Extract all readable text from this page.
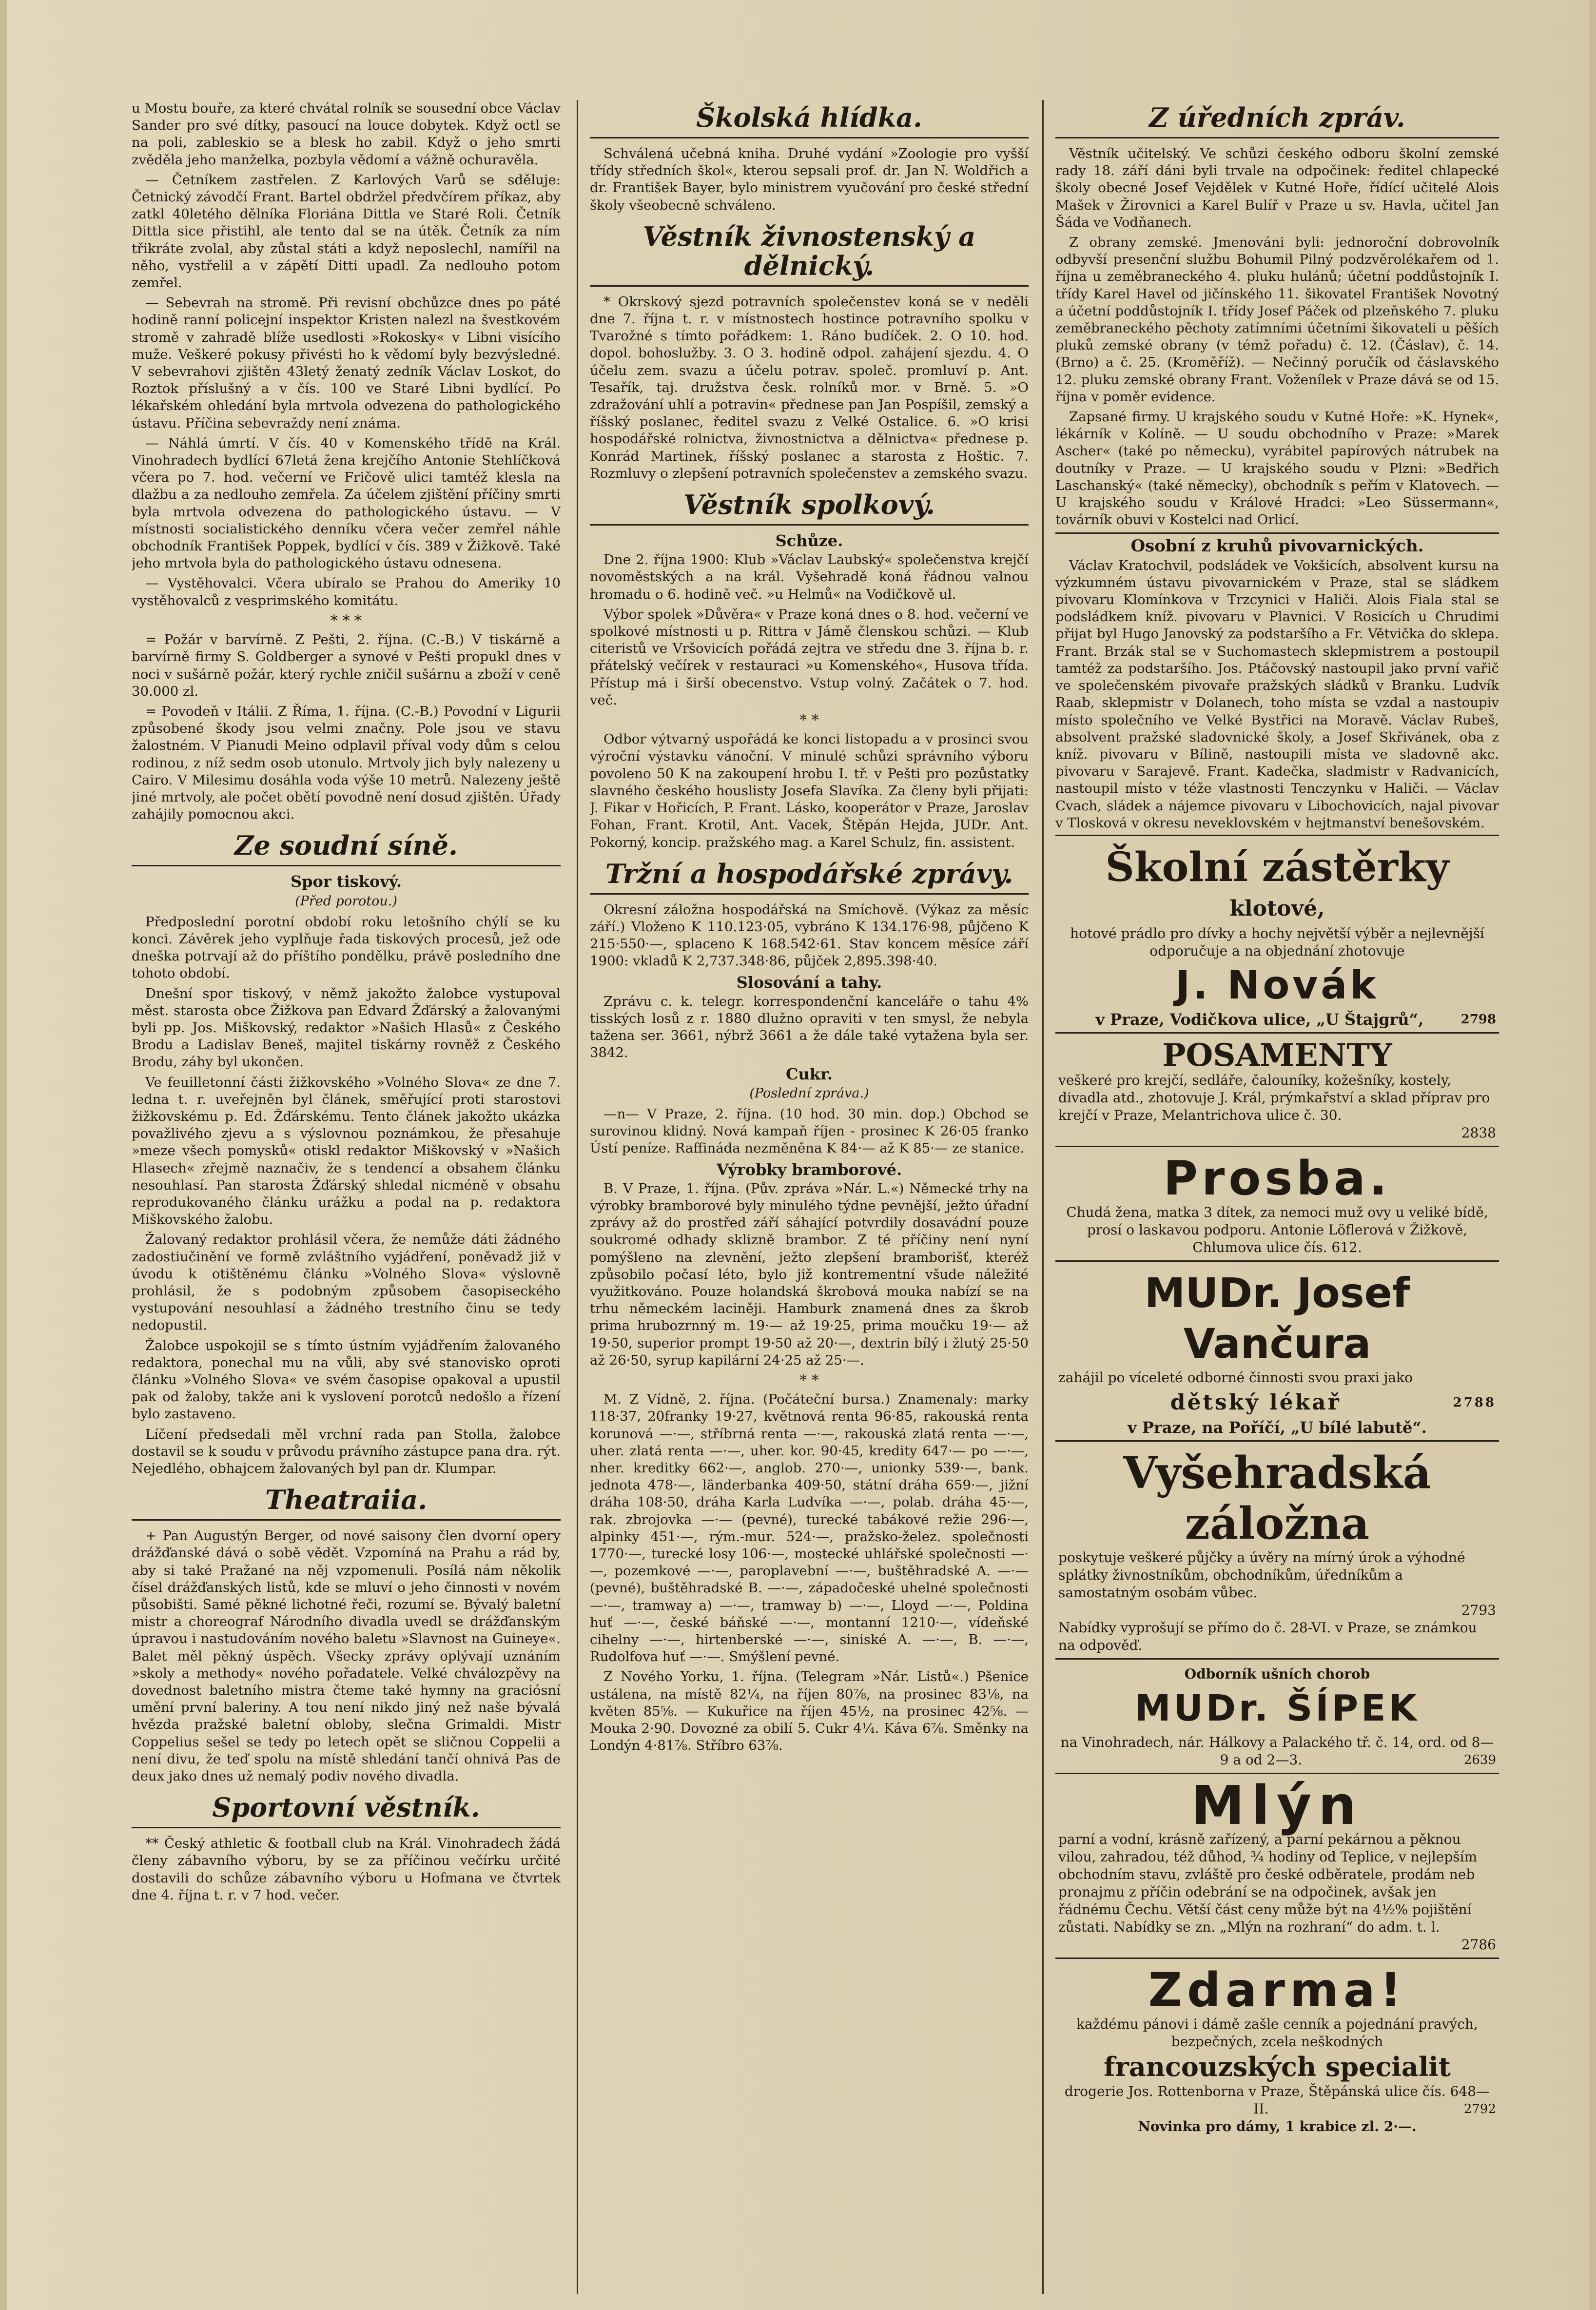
u Mostu bouře, za které chvátal rolník se sousední obce Václav Sander pro své dítky, pasoucí na louce dobytek. Když octl se na poli, zableskio se a blesk ho zabil. Když o jeho smrti zvěděla jeho manželka, pozbyla vědomí a vážně ochuravěla.

— Četníkem zastřelen. Z Karlových Varů se sděluje: Četnický závodčí Frant. Bartel obdržel předvčírem příkaz, aby zatkl 40letého dělníka Floriána Dittla ve Staré Roli. Četník Dittla sice přistihl, ale tento dal se na útěk. Četník za ním třikráte zvolal, aby zůstal státi a když neposlechl, namířil na něho, vystřelil a v zápětí Ditti upadl. Za nedlouho potom zemřel.

— Sebevrah na stromě. Při revisní obchůzce dnes po páté hodině ranní policejní inspektor Kristen nalezl na švestkovém stromě v zahradě blíže usedlosti »Rokosky« v Libni visícího muže. Veškeré pokusy přivésti ho k vědomí byly bezvýsledné. V sebevrahovi zjištěn 43letý ženatý zedník Václav Loskot, do Roztok příslušný a v čís. 100 ve Staré Libni bydlící. Po lékařském ohledání byla mrtvola odvezena do pathologického ústavu. Příčina sebevraždy není známa.

— Náhlá úmrtí. V čís. 40 v Komenského třídě na Král. Vinohradech bydlící 67letá žena krejčího Antonie Stehlíčková včera po 7. hod. večerní ve Fričově ulici tamtéž klesla na dlažbu a za nedlouho zemřela. Za účelem zjištění příčiny smrti byla mrtvola odvezena do pathologického ústavu. — V místnosti socialistického denníku včera večer zemřel náhle obchodník František Poppek, bydlící v čís. 389 v Žižkově. Také jeho mrtvola byla do pathologického ústavu odnesena.

— Vystěhovalci. Včera ubíralo se Prahou do Ameriky 10 vystěhovalců z vesprimského komitátu.

* * *

= Požár v barvírně. Z Pešti, 2. října. (C.-B.) V tiskárně a barvírně firmy S. Goldberger a synové v Pešti propukl dnes v noci v sušárně požár, který rychle zničil sušárnu a zboží v ceně 30.000 zl.

= Povodeň v Itálii. Z Říma, 1. října. (C.-B.) Povodní v Ligurii způsobené škody jsou velmi značny. Pole jsou ve stavu žalostném. V Pianudi Meino odplavil příval vody dům s celou rodinou, z níž sedm osob utonulo. Mrtvoly jich byly nalezeny u Cairo. V Milesimu dosáhla voda výše 10 metrů. Nalezeny ještě jiné mrtvoly, ale počet obětí povodně není dosud zjištěn. Úřady zahájily pomocnou akci.

Ze soudní síně.
Spor tiskový.
(Před porotou.)

Předposlední porotní období roku letošního chýlí se ku konci. Závěrek jeho vyplňuje řada tiskových procesů, jež ode dneška potrvají až do příštího pondělku, právě posledního dne tohoto období.

Dnešní spor tiskový, v němž jakožto žalobce vystupoval měst. starosta obce Žižkova pan Edvard Žďárský a žalovanými byli pp. Jos. Miškovský, redaktor »Našich Hlasů« z Českého Brodu a Ladislav Beneš, majitel tiskárny rovněž z Českého Brodu, záhy byl ukončen.

Ve feuilletonní části žižkovského »Volného Slova« ze dne 7. ledna t. r. uveřejněn byl článek, směřující proti starostovi žižkovskému p. Ed. Žďárskému. Tento článek jakožto ukázka považlivého zjevu a s výslovnou poznámkou, že přesahuje »meze všech pomysků« otiskl redaktor Miškovský v »Našich Hlasech« zřejmě naznačiv, že s tendencí a obsahem článku nesouhlasí. Pan starosta Žďárský shledal nicméně v obsahu reprodukovaného článku urážku a podal na p. redaktora Miškovského žalobu.

Žalovaný redaktor prohlásil včera, že nemůže dáti žádného zadostiučinění ve formě zvláštního vyjádření, poněvadž již v úvodu k otištěnému článku »Volného Slova« výslovně prohlásil, že s podobným způsobem časopiseckého vystupování nesouhlasí a žádného trestního činu se tedy nedopustil.

Žalobce uspokojil se s tímto ústním vyjádřením žalovaného redaktora, ponechal mu na vůli, aby své stanovisko oproti článku »Volného Slova« ve svém časopise opakoval a upustil pak od žaloby, takže ani k vyslovení porotců nedošlo a řízení bylo zastaveno.

Líčení předsedali měl vrchní rada pan Stolla, žalobce dostavil se k soudu v průvodu právního zástupce pana dra. rýt. Nejedlého, obhajcem žalovaných byl pan dr. Klumpar.

Theatraiia.

+ Pan Augustýn Berger, od nové saisony člen dvorní opery drážďanské dává o sobě vědět. Vzpomíná na Prahu a rád by, aby si také Pražané na něj vzpomenuli. Posílá nám několik čísel drážďanských listů, kde se mluví o jeho činnosti v novém působišti. Samé pěkné lichotné řeči, rozumí se. Bývalý baletní mistr a choreograf Národního divadla uvedl se drážďanským úpravou i nastudováním nového baletu »Slavnost na Guineye«. Balet měl pěkný úspěch. Všecky zprávy oplývají uznáním »skoly a methody« nového pořadatele. Velké chválozpěvy na dovednost baletního mistra čteme také hymny na graciósní umění první baleriny. A tou není nikdo jiný než naše bývalá hvězda pražské baletní obloby, slečna Grimaldi. Mistr Coppelius sešel se tedy po letech opět se sličnou Coppelii a není divu, že teď spolu na místě shledání tančí ohnivá Pas de deux jako dnes už nemalý podiv nového divadla.

Sportovní věstník.

** Český athletic & football club na Král. Vinohradech žádá členy zábavního výboru, by se za příčinou večírku určité dostavili do schůze zábavního výboru u Hofmana ve čtvrtek dne 4. října t. r. v 7 hod. večer.

Školská hlídka.

Schválená učebná kniha. Druhé vydání »Zoologie pro vyšší třídy středních škol«, kterou sepsali prof. dr. Jan N. Woldřich a dr. František Bayer, bylo ministrem vyučování pro české střední školy všeobecně schváleno.

Věstník živnostenský a dělnický.

* Okrskový sjezd potravních společenstev koná se v neděli dne 7. října t. r. v místnostech hostince potravního spolku v Tvarožné s tímto pořádkem: 1. Ráno budíček. 2. O 10. hod. dopol. bohoslužby. 3. O 3. hodině odpol. zahájení sjezdu. 4. O účelu zem. svazu a účelu potrav. společ. promluví p. Ant. Tesařík, taj. družstva česk. rolníků mor. v Brně. 5. »O zdražování uhlí a potravin« přednese pan Jan Pospíšil, zemský a říšský poslanec, ředitel svazu z Velké Ostalice. 6. »O krisi hospodářské rolnictva, živnostnictva a dělnictva« přednese p. Konrád Martinek, říšský poslanec a starosta z Hoštic. 7. Rozmluvy o zlepšení potravních společenstev a zemského svazu.

Věstník spolkový.
Schůze.

Dne 2. října 1900: Klub »Václav Laubský« společenstva krejčí novoměstských a na král. Vyšehradě koná řádnou valnou hromadu o 6. hodině več. »u Helmů« na Vodičkově ul.

Výbor spolek »Důvěra« v Praze koná dnes o 8. hod. večerní ve spolkové místnosti u p. Rittra v Jámě členskou schůzi. — Klub citeristů ve Vršovicích pořádá zejtra ve středu dne 3. října b. r. přátelský večírek v restauraci »u Komenského«, Husova třída. Přístup má i širší obecenstvo. Vstup volný. Začátek o 7. hod. več.

* *

Odbor výtvarný uspořádá ke konci listopadu a v prosinci svou výroční výstavku vánoční. V minulé schůzi správního výboru povoleno 50 K na zakoupení hrobu I. tř. v Pešti pro pozůstatky slavného českého houslisty Josefa Slavíka. Za členy byli přijati: J. Fikar v Hořicích, P. Frant. Lásko, kooperátor v Praze, Jaroslav Fohan, Frant. Krotil, Ant. Vacek, Štěpán Hejda, JUDr. Ant. Pokorný, koncip. pražského mag. a Karel Schulz, fin. assistent.

Tržní a hospodářské zprávy.

Okresní záložna hospodářská na Smíchově. (Výkaz za měsíc září.) Vloženo K 110.123·05, vybráno K 134.176·98, půjčeno K 215·550·—, splaceno K 168.542·61. Stav koncem měsíce září 1900: vkladů K 2,737.348·86, půjček 2,895.398·40.

Slosování a tahy.

Zprávu c. k. telegr. korrespondenční kanceláře o tahu 4% tisských losů z r. 1880 dlužno opraviti v ten smysl, že nebyla tažena ser. 3661, nýbrž 3661 a že dále také vytažena byla ser. 3842.

Cukr.
(Poslední zpráva.)

—n— V Praze, 2. října. (10 hod. 30 min. dop.) Obchod se surovinou klidný. Nová kampaň říjen - prosinec K 26·05 franko Ústí peníze. Raffináda nezměněna K 84·— až K 85·— ze stanice.

Výrobky bramborové.

B. V Praze, 1. října. (Pův. zpráva »Nár. L.«) Německé trhy na výrobky bramborové byly minulého týdne pevnější, ježto úřadní zprávy až do prostřed září sáhající potvrdily dosavádní pouze soukromé odhady sklizně brambor. Z té příčiny není nyní pomýšleno na zlevnění, ježto zlepšení bramborišť, kteréž způsobilo počasí léto, bylo již kontrementní všude náležité využitkováno. Pouze holandská škrobová mouka nabízí se na trhu německém laciněji. Hamburk znamená dnes za škrob prima hrubozrnný m. 19·— až 19·25, prima moučku 19·— až 19·50, superior prompt 19·50 až 20·—, dextrin bílý i žlutý 25·50 až 26·50, syrup kapilární 24·25 až 25·—.

* *

M. Z Vídně, 2. října. (Počáteční bursa.) Znamenaly: marky 118·37, 20franky 19·27, květnová renta 96·85, rakouská renta korunová —·—, stříbrná renta —·—, rakouská zlatá renta —·—, uher. zlatá renta —·—, uher. kor. 90·45, kredity 647·— po —·—, nher. kreditky 662·—, anglob. 270·—, unionky 539·—, bank. jednota 478·—, länderbanka 409·50, státní dráha 659·—, jižní dráha 108·50, dráha Karla Ludvíka —·—, polab. dráha 45·—, rak. zbrojovka —·— (pevné), turecké tabákové režie 296·—, alpinky 451·—, rým.-mur. 524·—, pražsko-želez. společnosti 1770·—, turecké losy 106·—, mostecké uhlářské společnosti —·—, pozemkové —·—, paroplavební —·—, buštěhradské A. —·— (pevné), buštěhradské B. —·—, západočeské uhelné společnosti —·—, tramway a) —·—, tramway b) —·—, Lloyd —·—, Poldina huť —·—, české báňské —·—, montanní 1210·—, vídeňské cihelny —·—, hirtenberské —·—, siniské A. —·—, B. —·—, Rudolfova huť —·—. Smýšlení pevné.

Z Nového Yorku, 1. října. (Telegram »Nár. Listů«.) Pšenice ustálena, na místě 82¼, na říjen 80⅞, na prosinec 83⅛, na květen 85⅝. — Kukuřice na říjen 45½, na prosinec 42⅝. — Mouka 2·90. Dovozné za obilí 5. Cukr 4¼. Káva 6⅞. Směnky na Londýn 4·81⅞. Stříbro 63⅞.

Z úředních zpráv.

Věstník učitelský. Ve schůzi českého odboru školní zemské rady 18. září dáni byli trvale na odpočinek: ředitel chlapecké školy obecné Josef Vejdělek v Kutné Hoře, řídící učitelé Alois Mašek v Žirovnici a Karel Bulíř v Praze u sv. Havla, učitel Jan Šáda ve Vodňanech.

Z obrany zemské. Jmenováni byli: jednoroční dobrovolník odbyvší presenční službu Bohumil Pilný podzvěrolékařem od 1. října u zeměbraneckého 4. pluku hulánů; účetní poddůstojník I. třídy Karel Havel od jičínského 11. šikovatel František Novotný a účetní poddůstojník I. třídy Josef Páček od plzeňského 7. pluku zeměbraneckého pěchoty zatímními účetními šikovateli u pěších pluků zemské obrany (v témž pořadu) č. 12. (Čáslav), č. 14. (Brno) a č. 25. (Kroměříž). — Nečinný poručík od čáslavského 12. pluku zemské obrany Frant. Voženílek v Praze dává se od 15. října v poměr evidence.

Zapsané firmy. U krajského soudu v Kutné Hoře: »K. Hynek«, lékárník v Kolíně. — U soudu obchodního v Praze: »Marek Ascher« (také po německu), vyrábitel papírových nátrubek na doutníky v Praze. — U krajského soudu v Plzni: »Bedřich Laschanský« (také německy), obchodník s peřím v Klatovech. — U krajského soudu v Králové Hradci: »Leo Süssermann«, továrník obuvi v Kostelci nad Orlicí.

Osobní z kruhů pivovarnických.

Václav Kratochvil, podsládek ve Vokšicích, absolvent kursu na výzkumném ústavu pivovarnickém v Praze, stal se sládkem pivovaru Klomínkova v Trzcynici v Haliči. Alois Fiala stal se podsládkem kníž. pivovaru v Plavnici. V Rosicích u Chrudimi přijat byl Hugo Janovský za podstaršího a Fr. Větvička do sklepa. Frant. Brzák stal se v Suchomastech sklepmistrem a postoupil tamtéž za podstaršího. Jos. Ptáčovský nastoupil jako první vařič ve společenském pivovaře pražských sládků v Branku. Ludvík Raab, sklepmistr v Dolanech, toho místa se vzdal a nastoupiv místo společního ve Velké Bystřici na Moravě. Václav Rubeš, absolvent pražské sladovnické školy, a Josef Skřivánek, oba z kníž. pivovaru v Bílině, nastoupili místa ve sladovně akc. pivovaru v Sarajevě. Frant. Kadečka, sladmistr v Radvanicích, nastoupil místo v téže vlastnosti Tenczynku v Haliči. — Václav Cvach, sládek a nájemce pivovaru v Libochovicích, najal pivovar v Tlosková v okresu neveklovském v hejtmanství benešovském.

Školní zástěrky
klotové,
hotové prádlo pro dívky a hochy největší výběr a nejlevnější odporučuje a na objednání zhotovuje
J. Novák
v Praze, Vodičkova ulice, „U Štajgrů“,	2798
POSAMENTY
veškeré pro krejčí, sedláře, čalouníky, kožešníky, kostely, divadla atd., zhotovuje J. Král, prýmkařství a sklad příprav pro krejčí v Praze, Melantrichova ulice č. 30.
2838
Prosba.
Chudá žena, matka 3 dítek, za nemoci muž ovy u veliké bídě, prosí o laskavou podporu. Antonie Löflerová v Žižkově, Chlumova ulice čís. 612.
MUDr. Josef Vančura
zahájil po víceleté odborné činnosti svou praxi jako
dětský lékař	2788
v Praze, na Poříčí, „U bílé labutě“.
Vyšehradská záložna
poskytuje veškeré půjčky a úvěry na mírný úrok a výhodné splátky živnostníkům, obchodníkům, úředníkům a samostatným osobám vůbec.
2793
Nabídky vyprošují se přímo do č. 28-VI. v Praze, se známkou na odpověď.
Odborník ušních chorob
MUDr. ŠÍPEK
na Vinohradech, nár. Hálkovy a Palackého tř. č. 14, ord. od 8—9 a od 2—3.	2639
Mlýn
parní a vodní, krásně zařízený, a parní pekárnou a pěknou vilou, zahradou, též důhod, ¾ hodiny od Teplice, v nejlepším obchodním stavu, zvláště pro české odběratele, prodám neb pronajmu z příčin odebrání se na odpočinek, avšak jen řádnému Čechu. Větší část ceny může být na 4½% pojištění zůstati. Nabídky se zn. „Mlýn na rozhraní“ do adm. t. l.
2786
Zdarma!
každému pánovi i dámě zašle cenník a pojednání pravých, bezpečných, zcela neškodných
francouzských specialit
drogerie Jos. Rottenborna v Praze, Štěpánská ulice čís. 648—II.	2792
Novinka pro dámy, 1 krabice zl. 2·—.
